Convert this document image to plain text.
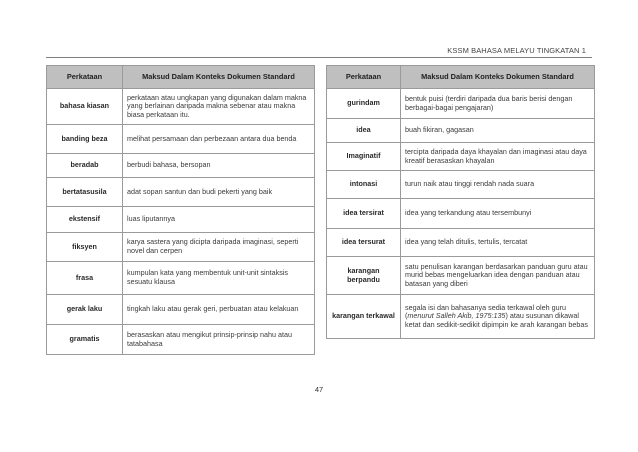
KSSM BAHASA MELAYU TINGKATAN 1
Perkataan	Maksud Dalam Konteks Dokumen Standard
bahasa kiasan	perkataan atau ungkapan yang digunakan dalam makna yang berlainan daripada makna sebenar atau makna biasa perkataan itu.
banding beza	melihat persamaan dan perbezaan antara dua benda
beradab	berbudi bahasa, bersopan
bertatasusila	adat sopan santun dan budi pekerti yang baik
ekstensif	luas liputannya
fiksyen	karya sastera yang dicipta daripada imaginasi, seperti novel dan cerpen
frasa	kumpulan kata yang membentuk unit-unit sintaksis sesuatu klausa
gerak laku	tingkah laku atau gerak geri, perbuatan atau kelakuan
gramatis	berasaskan atau mengikut prinsip-prinsip nahu atau tatabahasa
Perkataan	Maksud Dalam Konteks Dokumen Standard
gurindam	bentuk puisi (terdiri daripada dua baris berisi dengan berbagai-bagai pengajaran)
idea	buah fikiran, gagasan
Imaginatif	tercipta daripada daya khayalan dan imaginasi atau daya kreatif berasaskan khayalan
intonasi	turun naik atau tinggi rendah nada suara
idea tersirat	idea yang terkandung atau tersembunyi
idea tersurat	idea yang telah ditulis, tertulis, tercatat
karangan berpandu	satu penulisan karangan berdasarkan panduan guru atau murid bebas mengeluarkan idea dengan panduan atau batasan yang diberi
karangan terkawal	segala isi dan bahasanya sedia terkawal oleh guru (menurut Salleh Akib, 1975:135) atau susunan dikawal ketat dan sedikit-sedikit dipimpin ke arah karangan bebas
47
